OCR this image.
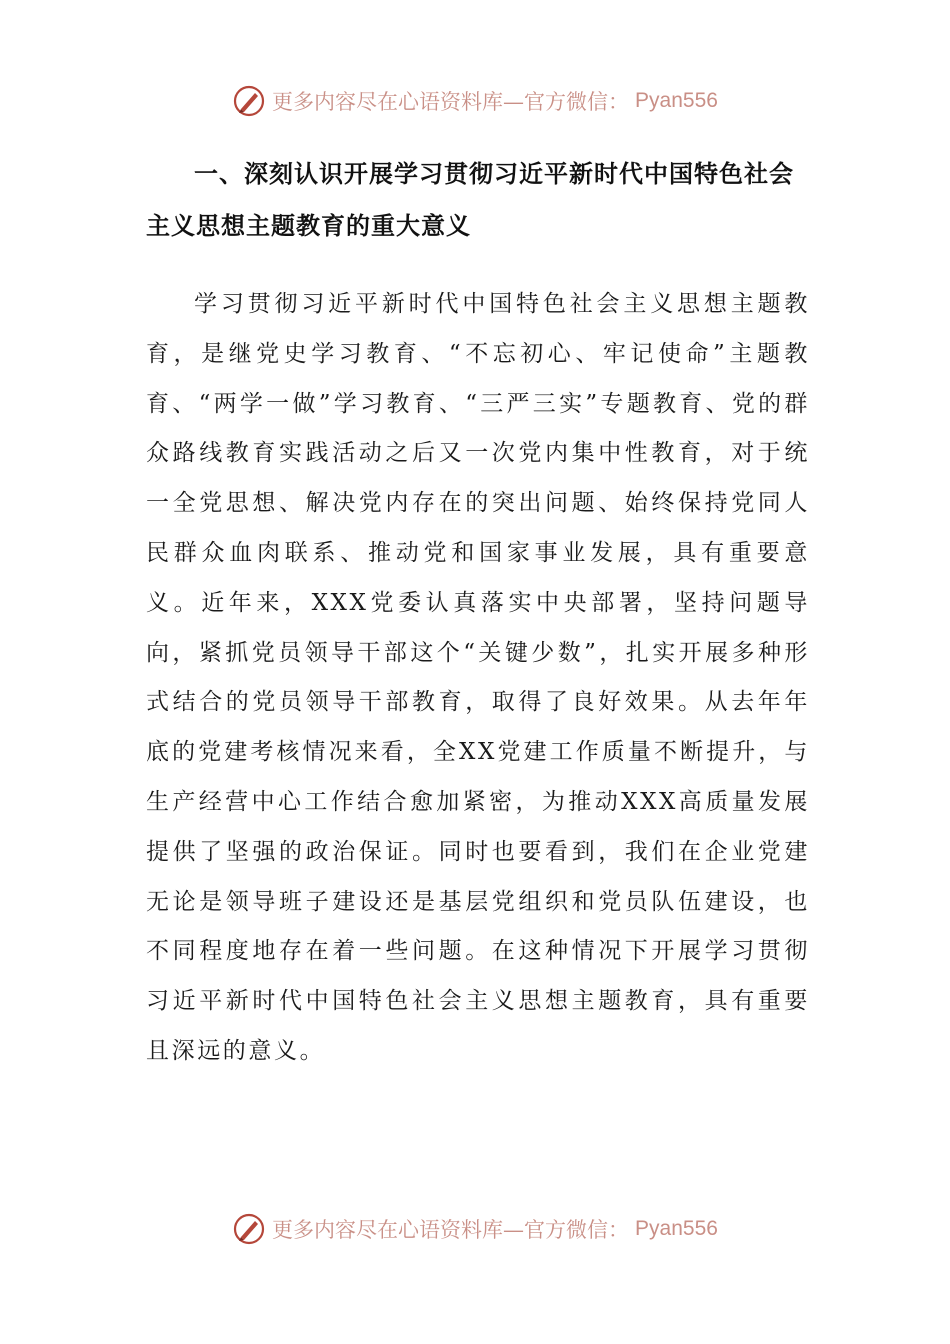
更多内容尽在心语资料库—官方微信： Pyan556
一、深刻认识开展学习贯彻习近平新时代中国特色社会主义思想主题教育的重大意义
学习贯彻习近平新时代中国特色社会主义思想主题教育，是继党史学习教育、“不忘初心、牢记使命”主题教育、“两学一做”学习教育、“三严三实”专题教育、党的群众路线教育实践活动之后又一次党内集中性教育，对于统一全党思想、解决党内存在的突出问题、始终保持党同人民群众血肉联系、推动党和国家事业发展，具有重要意义。近年来，XXX党委认真落实中央部署，坚持问题导向，紧抓党员领导干部这个“关键少数”，扎实开展多种形式结合的党员领导干部教育，取得了良好效果。从去年年底的党建考核情况来看，全XX党建工作质量不断提升，与生产经营中心工作结合愈加紧密，为推动XXX高质量发展提供了坚强的政治保证。同时也要看到，我们在企业党建无论是领导班子建设还是基层党组织和党员队伍建设，也不同程度地存在着一些问题。在这种情况下开展学习贯彻习近平新时代中国特色社会主义思想主题教育，具有重要且深远的意义。
更多内容尽在心语资料库—官方微信： Pyan556
